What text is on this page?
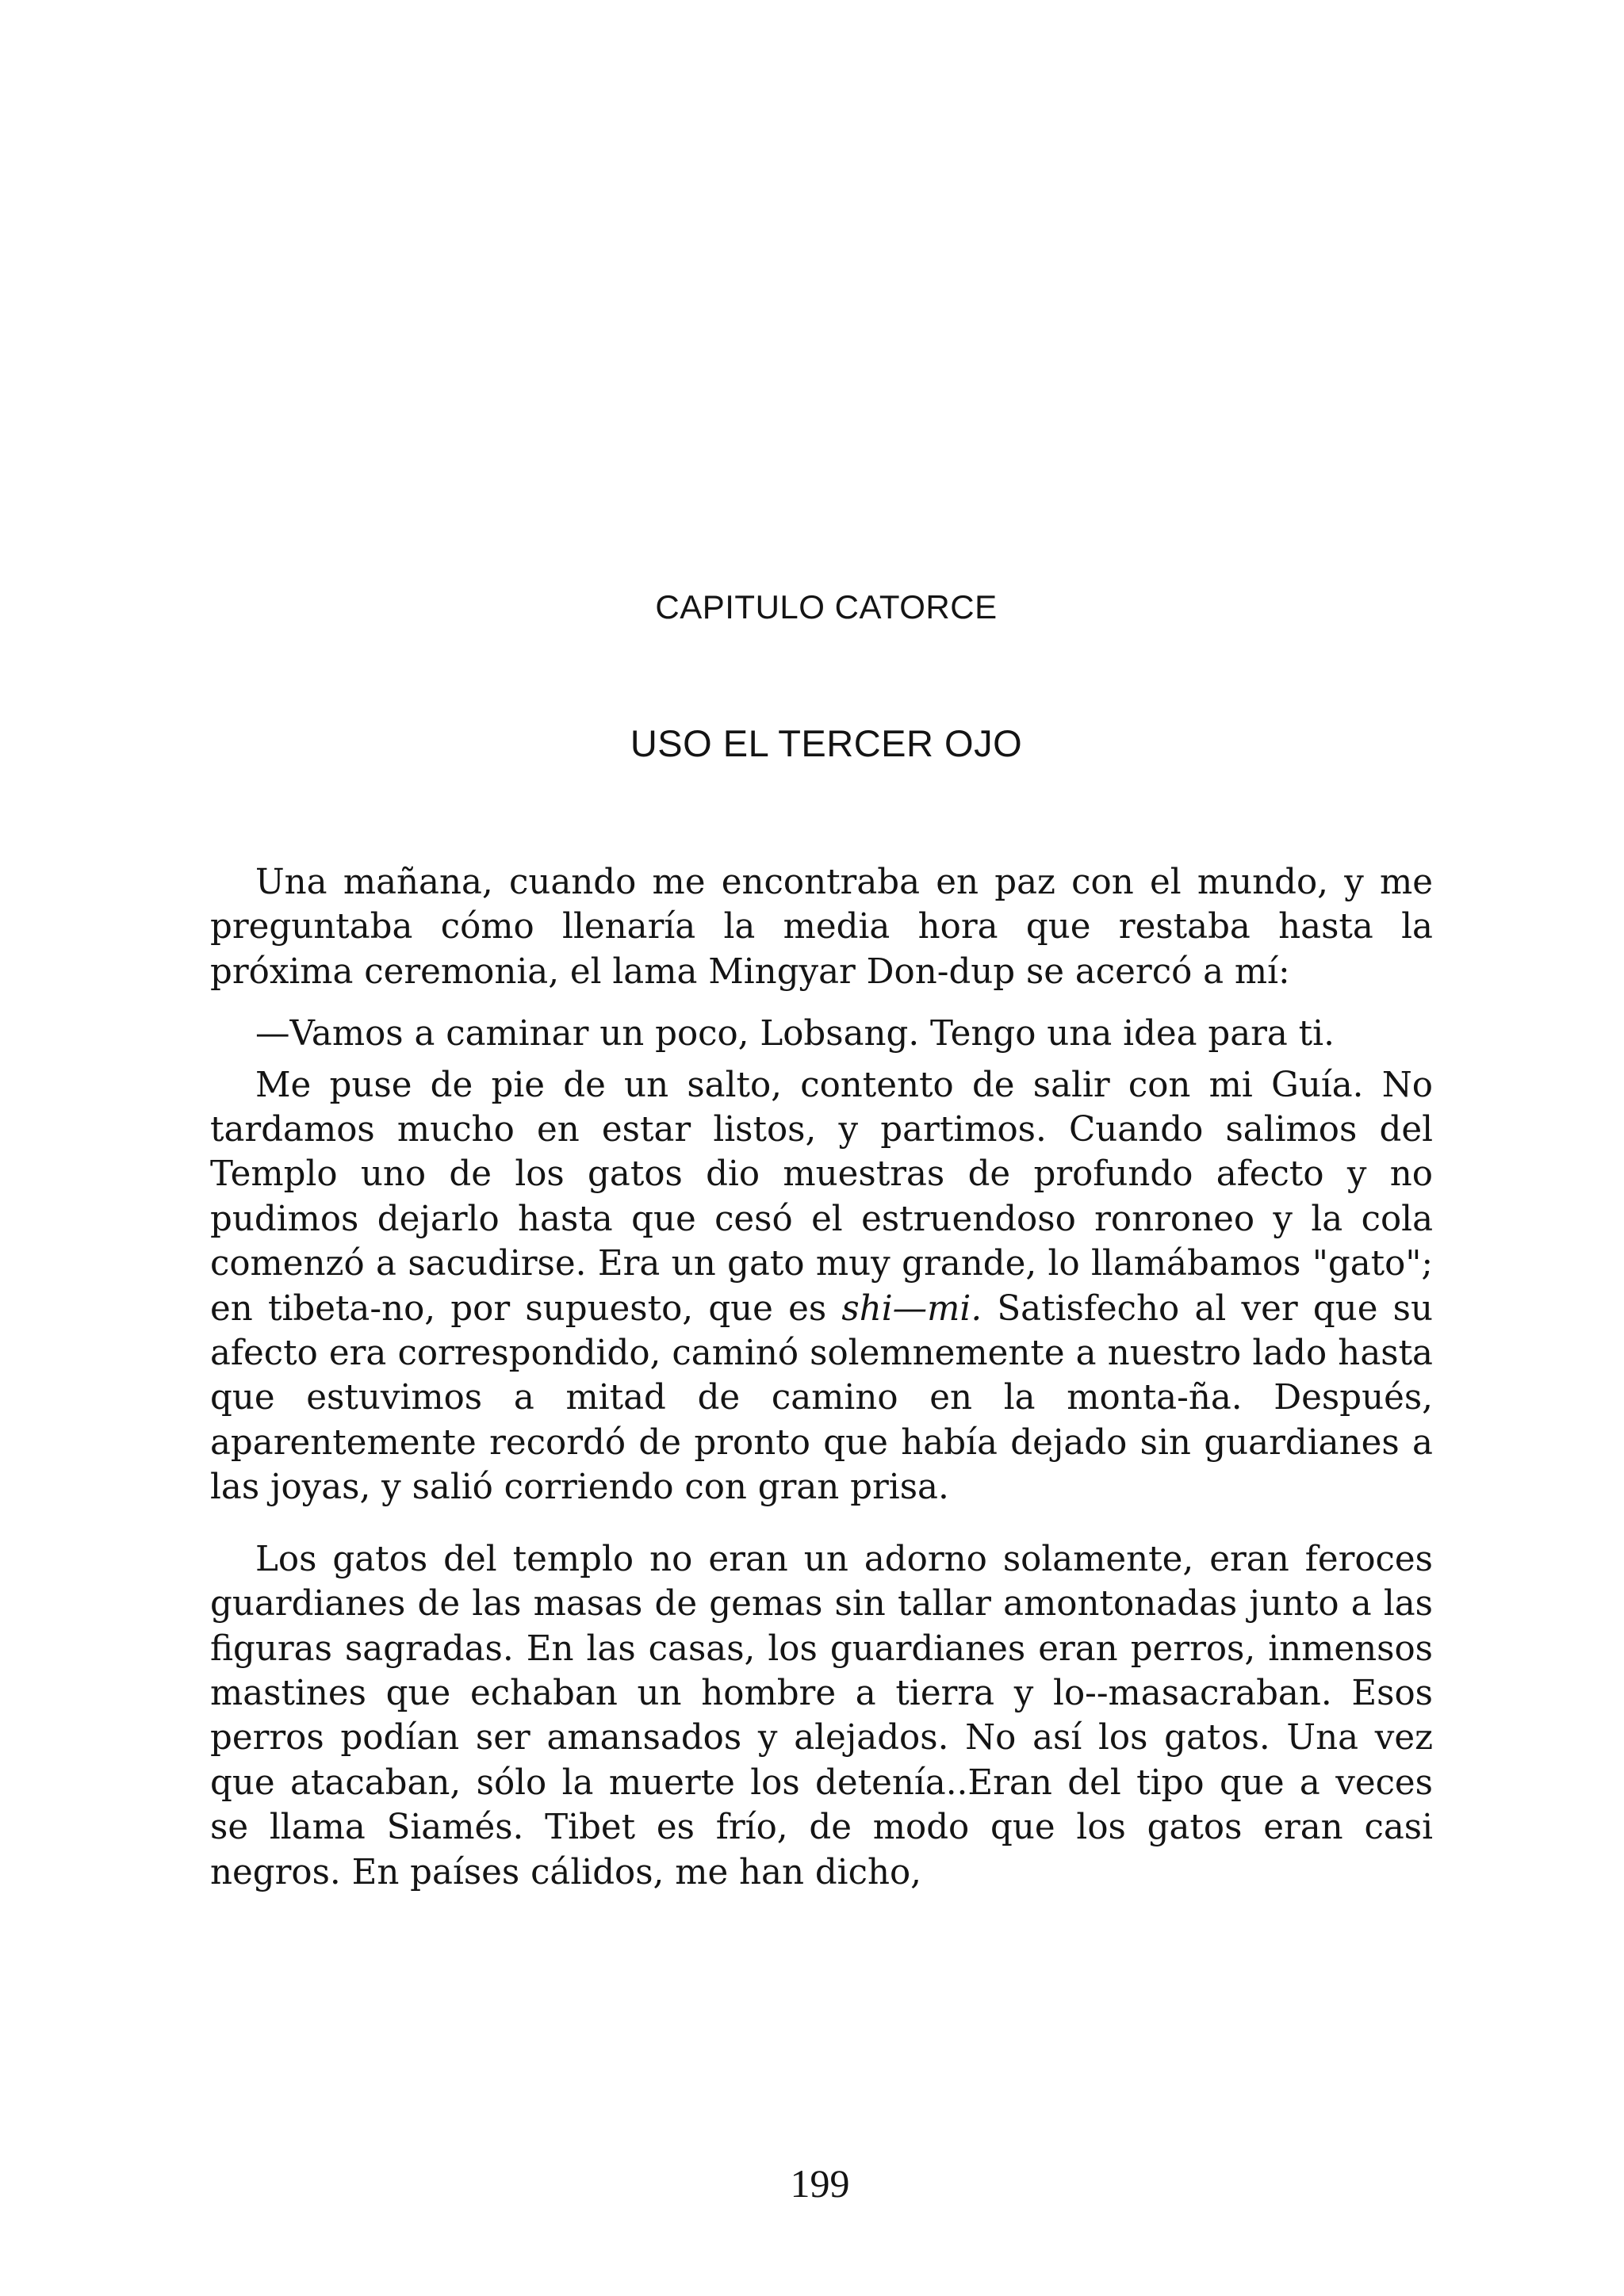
CAPITULO CATORCE
USO EL TERCER OJO

Una mañana, cuando me encontraba en paz con el mundo, y me preguntaba cómo llenaría la media hora que restaba hasta la próxima ceremonia, el lama Mingyar Don-dup se acercó a mí:

—Vamos a caminar un poco, Lobsang. Tengo una idea para ti.

Me puse de pie de un salto, contento de salir con mi Guía. No tardamos mucho en estar listos, y partimos. Cuando salimos del Templo uno de los gatos dio muestras de profundo afecto y no pudimos dejarlo hasta que cesó el estruendoso ronroneo y la cola comenzó a sacudirse. Era un gato muy grande, lo llamábamos "gato"; en tibeta-no, por supuesto, que es shi—mi. Satisfecho al ver que su afecto era correspondido, caminó solemnemente a nuestro lado hasta que estuvimos a mitad de camino en la monta-ña. Después, aparentemente recordó de pronto que había dejado sin guardianes a las joyas, y salió corriendo con gran prisa.

Los gatos del templo no eran un adorno solamente, eran feroces guardianes de las masas de gemas sin tallar amontonadas junto a las figuras sagradas. En las casas, los guardianes eran perros, inmensos mastines que echaban un hombre a tierra y lo--masacraban. Esos perros podían ser amansados y alejados. No así los gatos. Una vez que atacaban, sólo la muerte los detenía..Eran del tipo que a veces se llama Siamés. Tibet es frío, de modo que los gatos eran casi negros. En países cálidos, me han dicho,

199
